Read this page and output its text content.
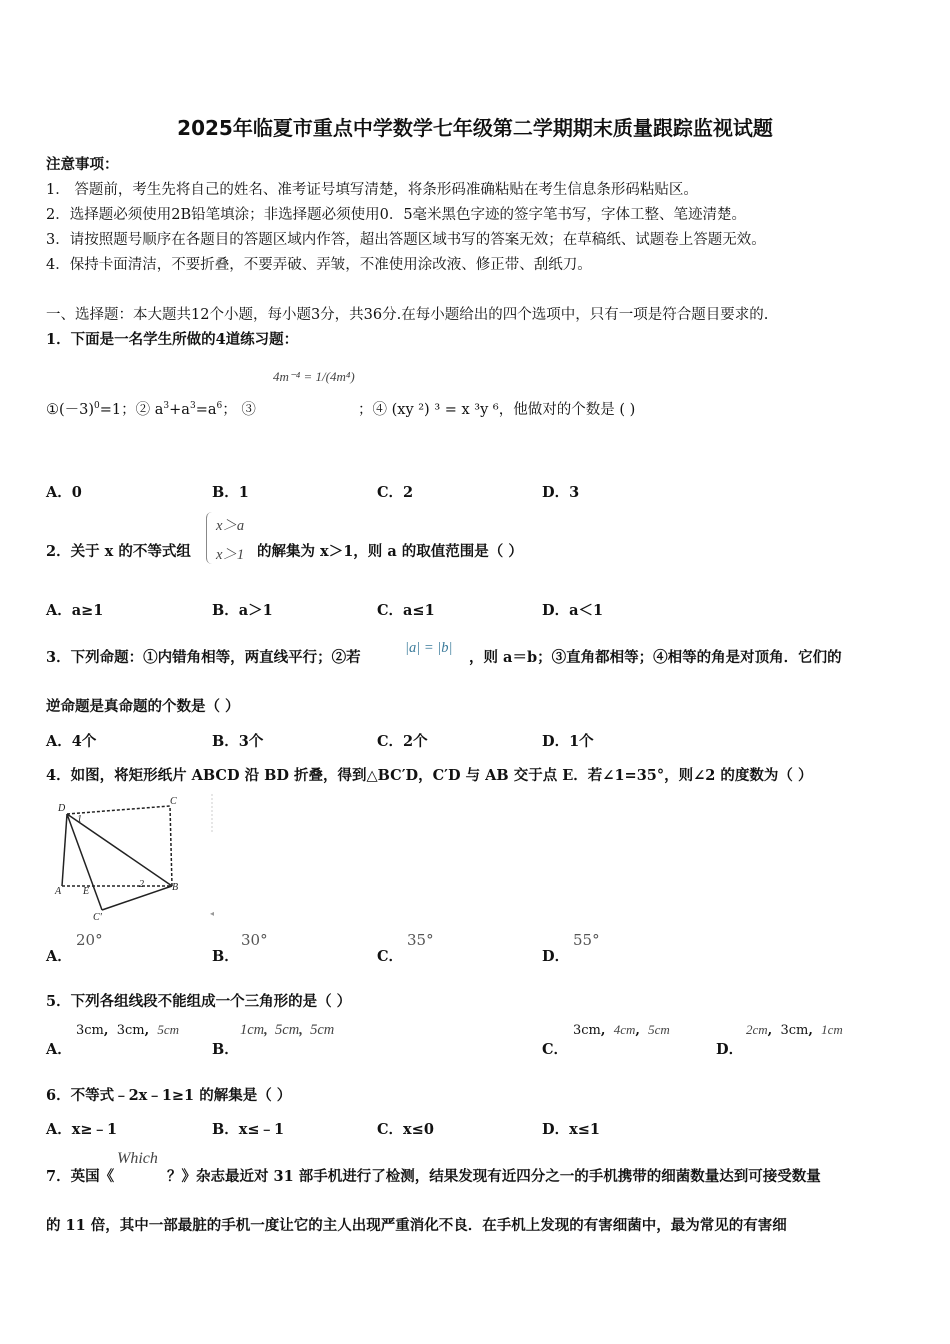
2025年临夏市重点中学数学七年级第二学期期末质量跟踪监视试题
注意事项：
1． 答题前，考生先将自己的姓名、准考证号填写清楚，将条形码准确粘贴在考生信息条形码粘贴区。
2．选择题必须使用2B铅笔填涂；非选择题必须使用0．5毫米黑色字迹的签字笔书写，字体工整、笔迹清楚。
3．请按照题号顺序在各题目的答题区域内作答，超出答题区域书写的答案无效；在草稿纸、试题卷上答题无效。
4．保持卡面清洁，不要折叠，不要弄破、弄皱，不准使用涂改液、修正带、刮纸刀。
一、选择题：本大题共12个小题，每小题3分，共36分.在每小题给出的四个选项中，只有一项是符合题目要求的.
1．下面是一名学生所做的4道练习题：
4m⁻⁴ = 1/(4m⁴)
$①(-3)^0=1$；② $a^3+a^3=a^6$； ③	；④ (xy ²) ³ = x ³y ⁶，他做对的个数是 ( )
A．0	B．1	C．2	D．3
2．关于 x 的不等式组
x＞a
x＞1 的解集为 x＞1，则 a 的取值范围是（ ）
A．a≥1	B．a＞1	C．a≤1	D．a＜1
3．下列命题：①内错角相等，两直线平行；②若
|a| = |b|
，则 a＝b；③直角都相等；④相等的角是对顶角．它们的
逆命题是真命题的个数是（ ）
A．4个	B．3个	C．2个	D．1个
4．如图，将矩形纸片 ABCD 沿 BD 折叠，得到△BC′D，C′D 与 AB 交于点 E．若∠1=35°，则∠2 的度数为（ ）
D
C
A E	B
C'
1
2
◂
A．
20°
B．
30°
C．
35°
D．
55°
5．下列各组线段不能组成一个三角形的是（ ）
A．
3cm, 3cm, 5cm
B．
1cm, 5cm, 5cm
C．
3cm, 4cm, 5cm
D．
2cm, 3cm, 1cm
6．不等式﹣2x﹣1≥1 的解集是（ ）
A．x≥﹣1	B．x≤﹣1	C．x≤0	D．x≤1
7．英国《
Which
？》杂志最近对 31 部手机进行了检测，结果发现有近四分之一的手机携带的细菌数量达到可接受数量
的 11 倍，其中一部最脏的手机一度让它的主人出现严重消化不良．在手机上发现的有害细菌中，最为常见的有害细
